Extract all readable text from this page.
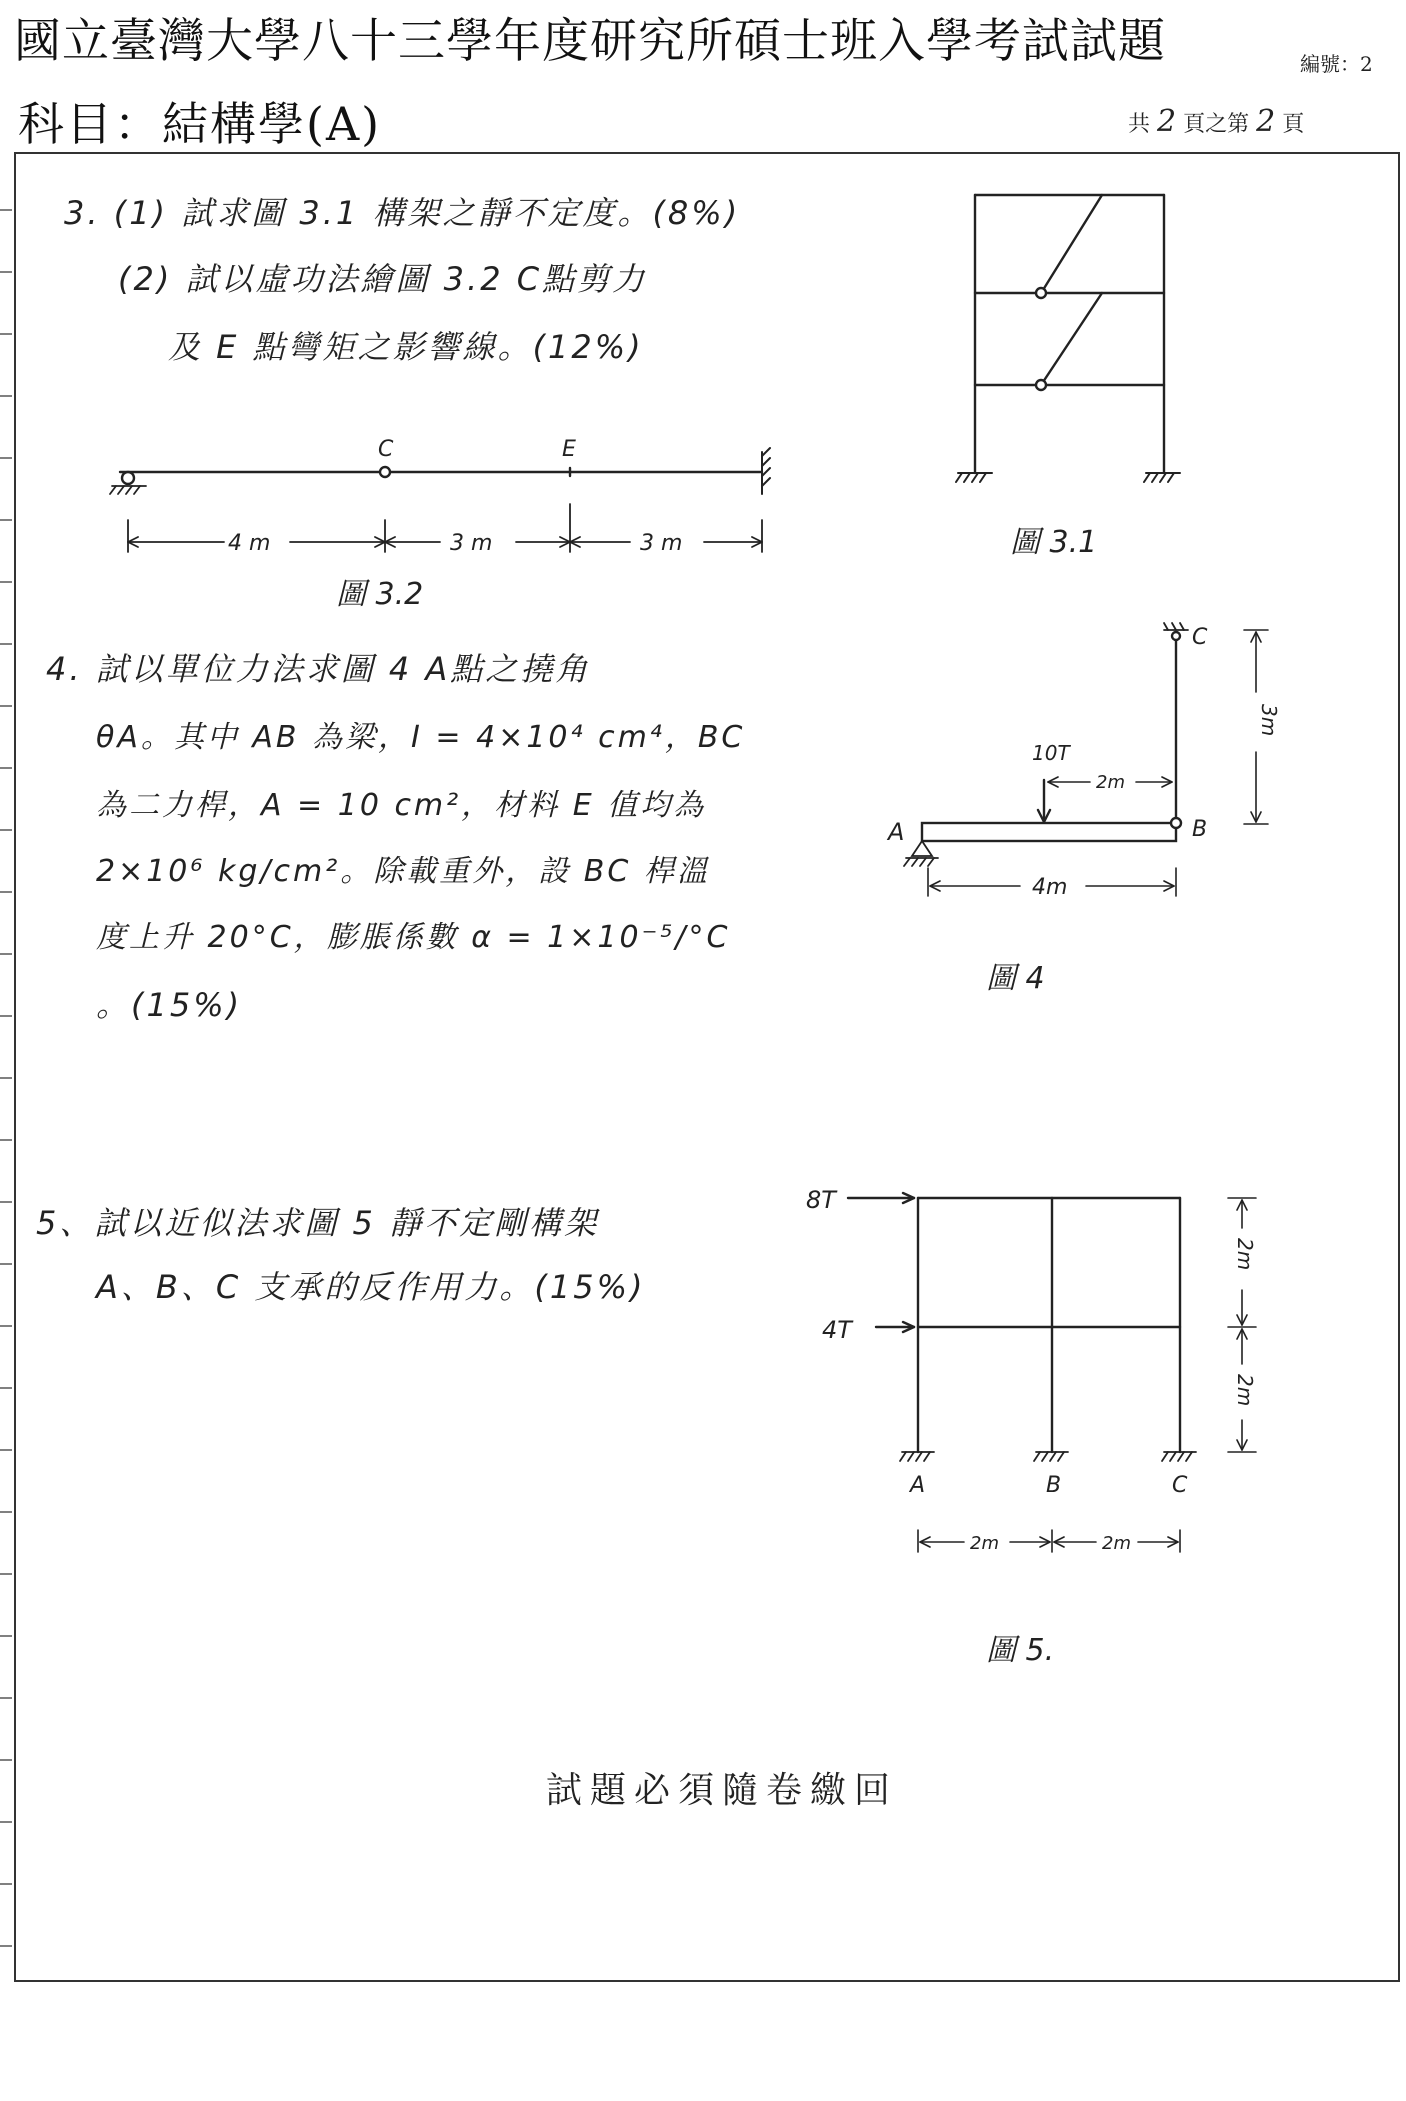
國立臺灣大學八十三學年度研究所碩士班入學考試試題
科目：結構學(A)
編號：2
共 2 頁之第 2 頁
3. (1) 試求圖 3.1 構架之靜不定度。(8%)
(2) 試以虛功法繪圖 3.2 C點剪力
及 E 點彎矩之影響線。(12%)
4. 試以單位力法求圖 4 A點之撓角
θA。其中 AB 為梁，I = 4×10⁴ cm⁴，BC
為二力桿，A = 10 cm²，材料 E 值均為
2×10⁶ kg/cm²。除載重外，設 BC 桿溫
度上升 20°C，膨脹係數 α = 1×10⁻⁵/°C
。(15%)
5、試以近似法求圖 5 靜不定剛構架
A、B、C 支承的反作用力。(15%)
圖 3.1
C	E
4 m	3 m	3 m
圖 3.2
C
B
A
10T
2m
4m
3m
圖 4
8T
4T
A	B	C
2m
2m
2m	2m
圖 5.
試題必須隨卷繳回
